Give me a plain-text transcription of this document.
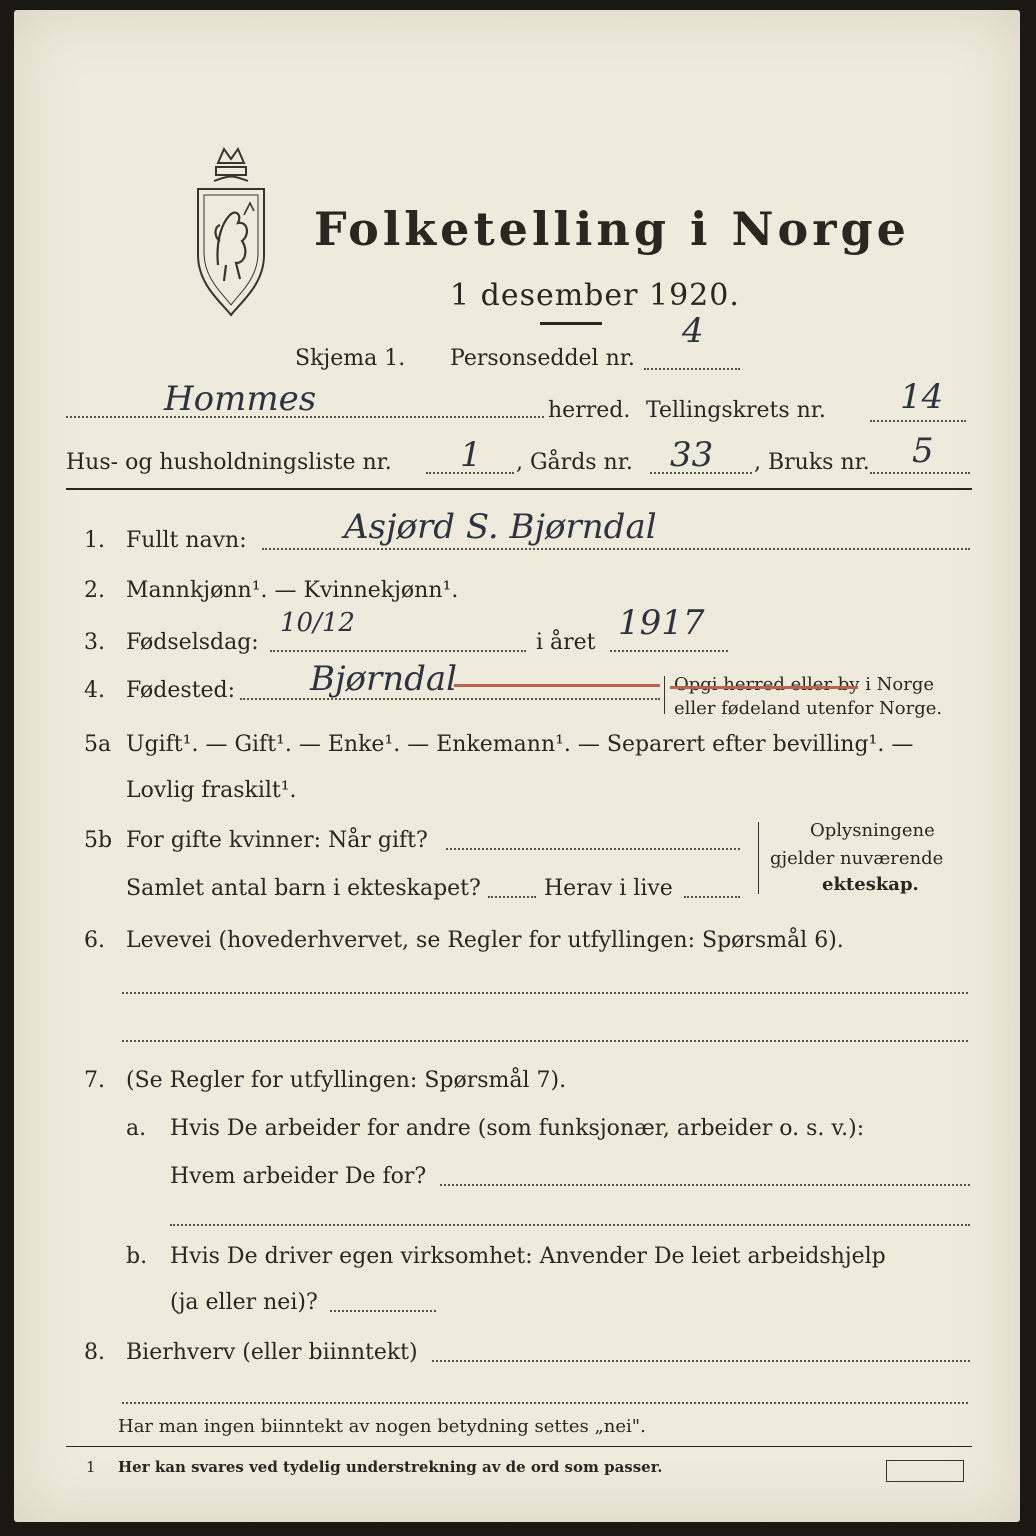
Folketelling i Norge
1 desember 1920.
Skjema 1. Personseddel nr.
4
Hommes	herred. Tellingskrets nr. 14
Hus- og husholdningsliste nr. 1 , Gårds nr. 33 , Bruks nr. 5
1. Fullt navn:	Asjørd S. Bjørndal
2. Mannkjønn¹. — Kvinnekjønn¹.
3. Fødselsdag:
10/12
i året 1917
4. Fødested: Bjørndal	Opgi herred eller by i Norge
eller fødeland utenfor Norge.
5a Ugift¹. — Gift¹. — Enke¹. — Enkemann¹. — Separert efter bevilling¹. —
Lovlig fraskilt¹.
5b For gifte kvinner: Når gift?
Samlet antal barn i ekteskapet?	Herav i live
Oplysningene
gjelder nuværende
ekteskap.
6. Levevei (hovederhvervet, se Regler for utfyllingen: Spørsmål 6).
7. (Se Regler for utfyllingen: Spørsmål 7).
a. Hvis De arbeider for andre (som funksjonær, arbeider o. s. v.):
Hvem arbeider De for?
b. Hvis De driver egen virksomhet: Anvender De leiet arbeidshjelp
(ja eller nei)?
8. Bierhverv (eller biinntekt)
Har man ingen biinntekt av nogen betydning settes „nei".
1 Her kan svares ved tydelig understrekning av de ord som passer.
